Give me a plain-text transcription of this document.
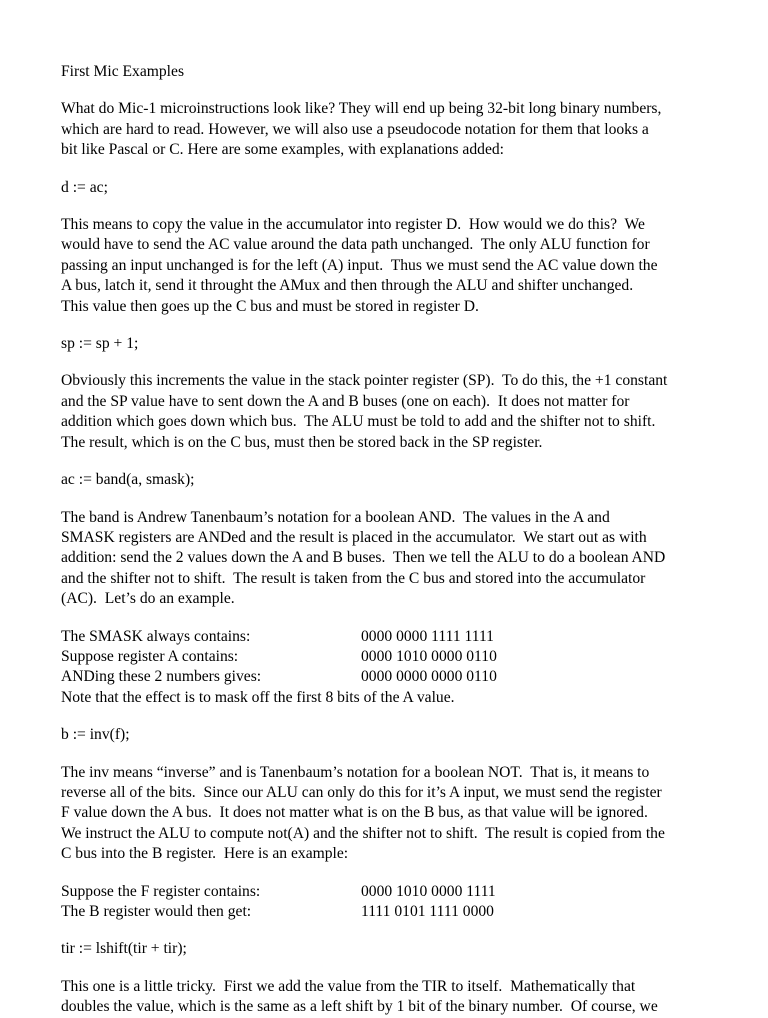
First Mic Examples
What do Mic-1 microinstructions look like? They will end up being 32-bit long binary numbers,
which are hard to read. However, we will also use a pseudocode notation for them that looks a
bit like Pascal or C. Here are some examples, with explanations added:
d := ac;
This means to copy the value in the accumulator into register D.  How would we do this?  We
would have to send the AC value around the data path unchanged.  The only ALU function for
passing an input unchanged is for the left (A) input.  Thus we must send the AC value down the
A bus, latch it, send it throught the AMux and then through the ALU and shifter unchanged.
This value then goes up the C bus and must be stored in register D.
sp := sp + 1;
Obviously this increments the value in the stack pointer register (SP).  To do this, the +1 constant
and the SP value have to sent down the A and B buses (one on each).  It does not matter for
addition which goes down which bus.  The ALU must be told to add and the shifter not to shift.
The result, which is on the C bus, must then be stored back in the SP register.
ac := band(a, smask);
The band is Andrew Tanenbaum’s notation for a boolean AND.  The values in the A and
SMASK registers are ANDed and the result is placed in the accumulator.  We start out as with
addition: send the 2 values down the A and B buses.  Then we tell the ALU to do a boolean AND
and the shifter not to shift.  The result is taken from the C bus and stored into the accumulator
(AC).  Let’s do an example.
The SMASK always contains:	0000 0000 1111 1111
Suppose register A contains:	0000 1010 0000 0110
ANDing these 2 numbers gives:	0000 0000 0000 0110
Note that the effect is to mask off the first 8 bits of the A value.
b := inv(f);
The inv means “inverse” and is Tanenbaum’s notation for a boolean NOT.  That is, it means to
reverse all of the bits.  Since our ALU can only do this for it’s A input, we must send the register
F value down the A bus.  It does not matter what is on the B bus, as that value will be ignored.
We instruct the ALU to compute not(A) and the shifter not to shift.  The result is copied from the
C bus into the B register.  Here is an example:
Suppose the F register contains:	0000 1010 0000 1111
The B register would then get:	1111 0101 1111 0000
tir := lshift(tir + tir);
This one is a little tricky.  First we add the value from the TIR to itself.  Mathematically that
doubles the value, which is the same as a left shift by 1 bit of the binary number.  Of course, we
